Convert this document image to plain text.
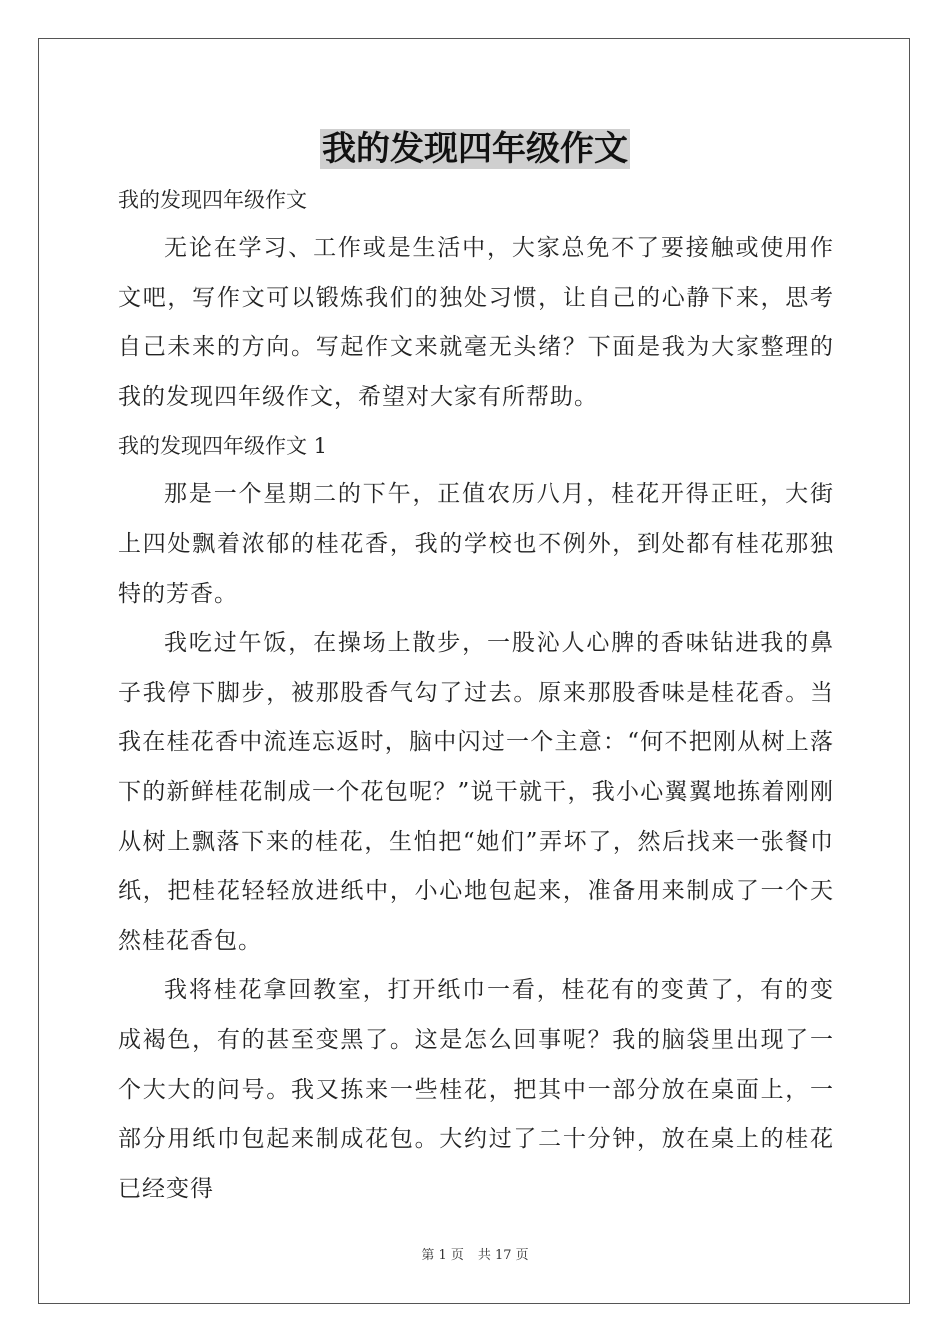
我的发现四年级作文

我的发现四年级作文

无论在学习、工作或是生活中，大家总免不了要接触或使用作文吧，写作文可以锻炼我们的独处习惯，让自己的心静下来，思考自己未来的方向。写起作文来就毫无头绪？下面是我为大家整理的我的发现四年级作文，希望对大家有所帮助。

我的发现四年级作文 1

那是一个星期二的下午，正值农历八月，桂花开得正旺，大街上四处飘着浓郁的桂花香，我的学校也不例外，到处都有桂花那独特的芳香。

我吃过午饭，在操场上散步，一股沁人心脾的香味钻进我的鼻子我停下脚步，被那股香气勾了过去。原来那股香味是桂花香。当我在桂花香中流连忘返时，脑中闪过一个主意：“何不把刚从树上落下的新鲜桂花制成一个花包呢？”说干就干，我小心翼翼地拣着刚刚从树上飘落下来的桂花，生怕把“她们”弄坏了，然后找来一张餐巾纸，把桂花轻轻放进纸中，小心地包起来，准备用来制成了一个天然桂花香包。

我将桂花拿回教室，打开纸巾一看，桂花有的变黄了，有的变成褐色，有的甚至变黑了。这是怎么回事呢？我的脑袋里出现了一个大大的问号。我又拣来一些桂花，把其中一部分放在桌面上，一部分用纸巾包起来制成花包。大约过了二十分钟，放在桌上的桂花已经变得

第 1 页 共 17 页
